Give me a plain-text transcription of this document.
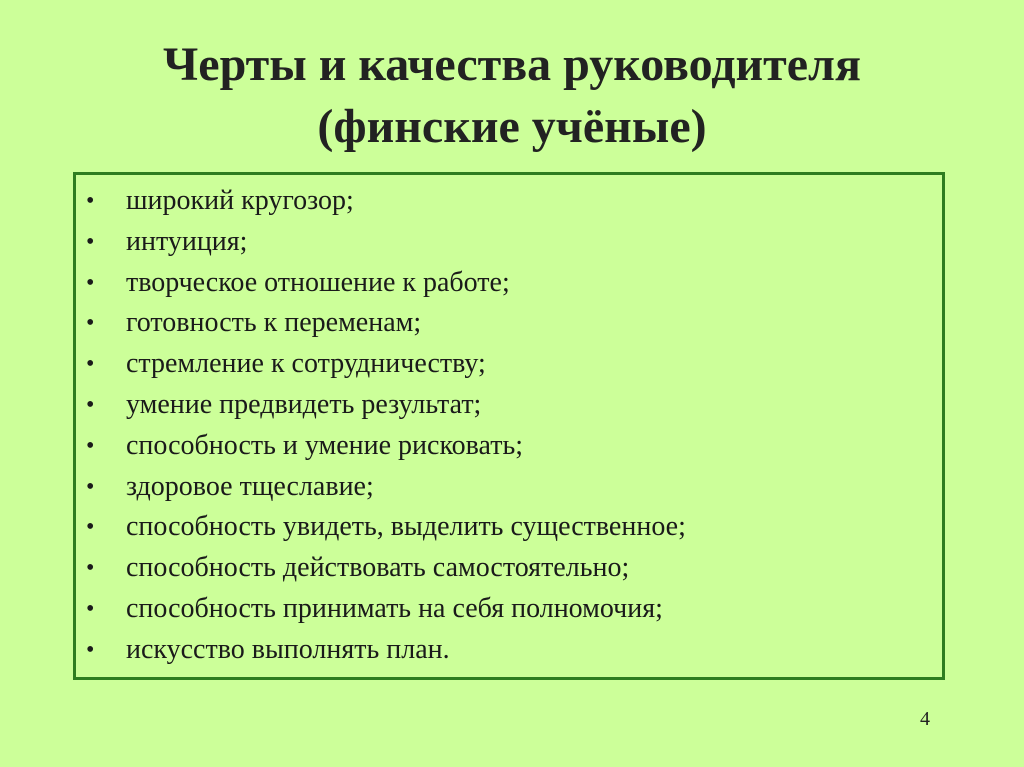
Черты и качества руководителя
(финские учёные)
• широкий кругозор;
• интуиция;
• творческое отношение к работе;
• готовность к переменам;
• стремление к сотрудничеству;
• умение предвидеть результат;
• способность и умение рисковать;
• здоровое тщеславие;
• способность увидеть, выделить существенное;
• способность действовать самостоятельно;
• способность принимать на себя полномочия;
• искусство выполнять план.
4
